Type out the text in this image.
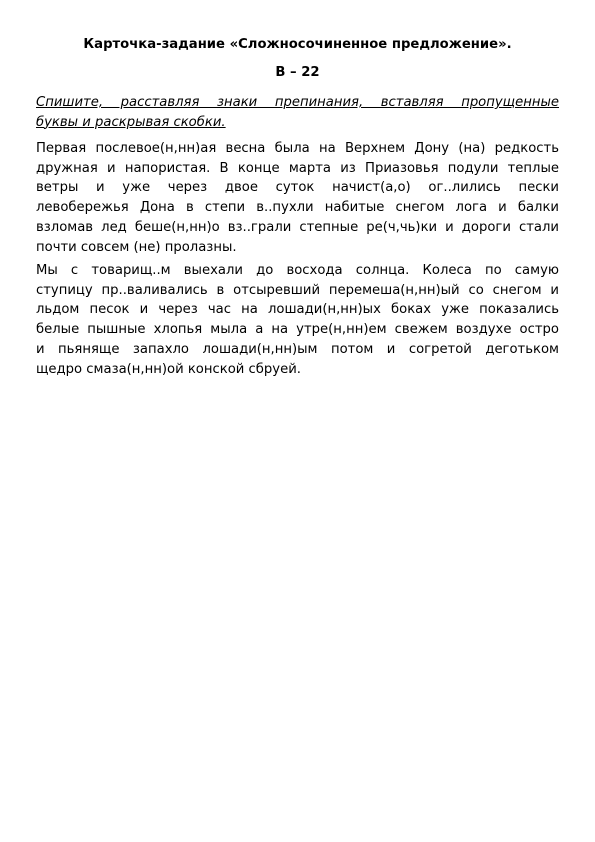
Карточка-задание «Сложносочиненное предложение».
В – 22

Спишите, расставляя знаки препинания, вставляя пропущенные
буквы и раскрывая скобки.

Первая послевое(н,нн)ая весна была на Верхнем Дону (на) редкость
дружная и напористая. В конце марта из Приазовья подули теплые
ветры и уже через двое суток начист(а,о) ог..лились пески
левобережья Дона в степи в..пухли набитые снегом лога и балки
взломав лед беше(н,нн)о вз..грали степные ре(ч,чь)ки и дороги стали
почти совсем (не) пролазны.

Мы с товарищ..м выехали до восхода солнца. Колеса по самую
ступицу пр..валивались в отсыревший перемеша(н,нн)ый со снегом и
льдом песок и через час на лошади(н,нн)ых боках уже показались
белые пышные хлопья мыла а на утре(н,нн)ем свежем воздухе остро
и пьяняще запахло лошади(н,нн)ым потом и согретой деготьком
щедро смаза(н,нн)ой конской сбруей.
